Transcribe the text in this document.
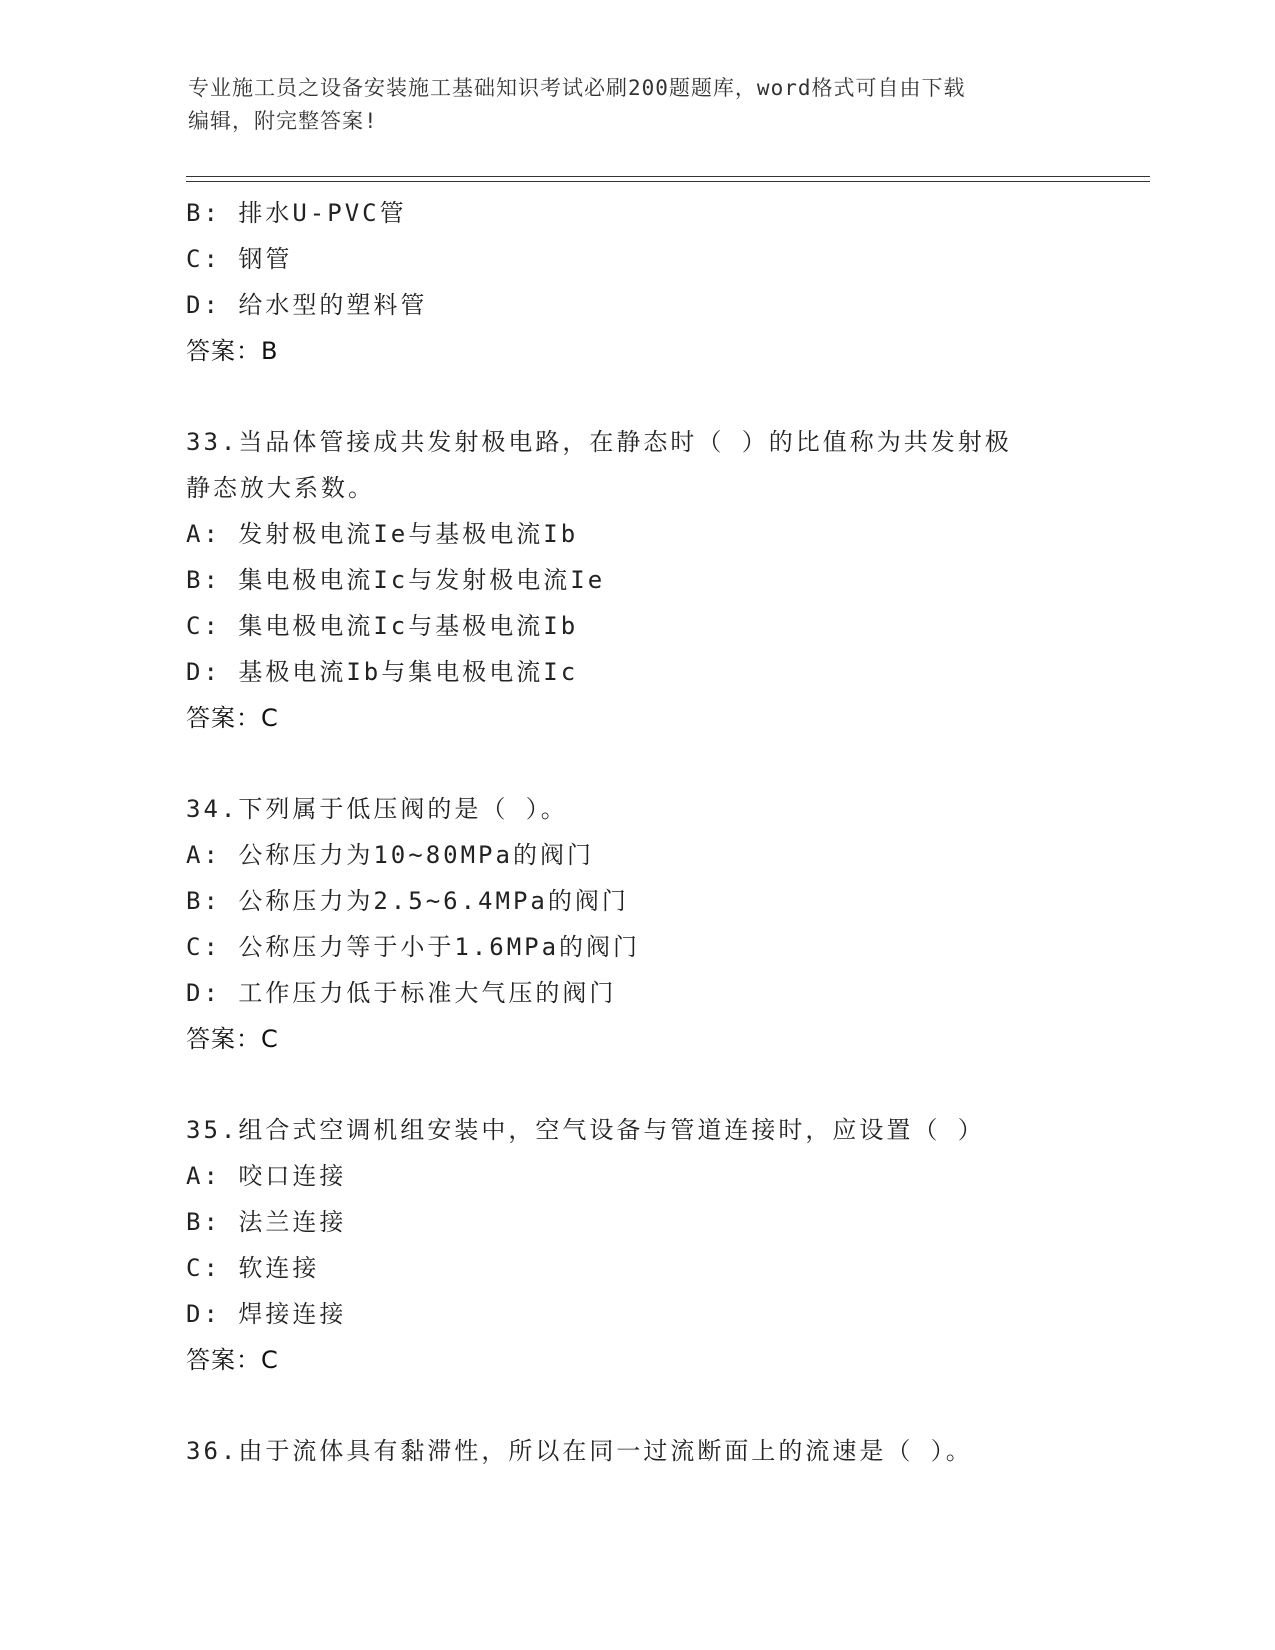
专业施工员之设备安装施工基础知识考试必刷200题题库，word格式可自由下载
编辑，附完整答案!
B: 排水U-PVC管
C: 钢管
D: 给水型的塑料管
答案：B
33.当品体管接成共发射极电路，在静态时（ ）的比值称为共发射极
静态放大系数。
A: 发射极电流Ie与基极电流Ib
B: 集电极电流Ic与发射极电流Ie
C: 集电极电流Ic与基极电流Ib
D: 基极电流Ib与集电极电流Ic
答案：C
34.下列属于低压阀的是（ ）。
A: 公称压力为10~80MPa的阀门
B: 公称压力为2.5~6.4MPa的阀门
C: 公称压力等于小于1.6MPa的阀门
D: 工作压力低于标准大气压的阀门
答案：C
35.组合式空调机组安装中，空气设备与管道连接时，应设置（ ）
A: 咬口连接
B: 法兰连接
C: 软连接
D: 焊接连接
答案：C
36.由于流体具有黏滞性，所以在同一过流断面上的流速是（ ）。
